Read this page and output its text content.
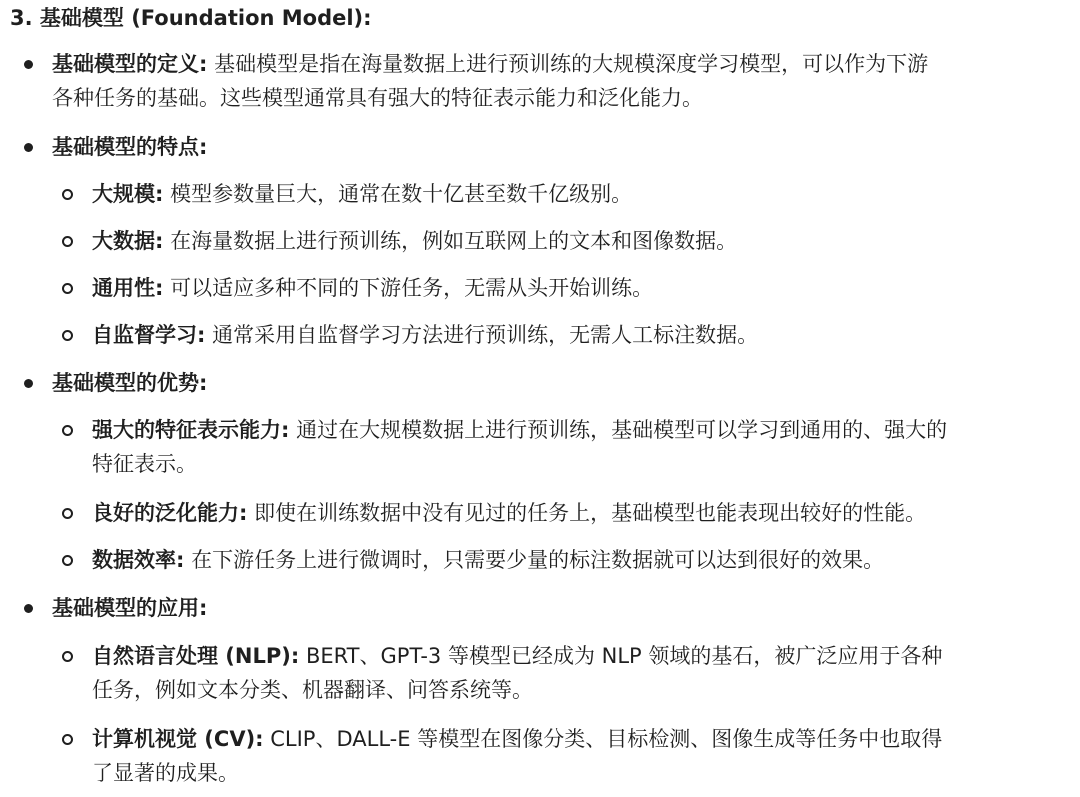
3. 基础模型 (Foundation Model):
基础模型的定义: 基础模型是指在海量数据上进行预训练的大规模深度学习模型，可以作为下游
各种任务的基础。这些模型通常具有强大的特征表示能力和泛化能力。
基础模型的特点:
大规模: 模型参数量巨大，通常在数十亿甚至数千亿级别。
大数据: 在海量数据上进行预训练，例如互联网上的文本和图像数据。
通用性: 可以适应多种不同的下游任务，无需从头开始训练。
自监督学习: 通常采用自监督学习方法进行预训练，无需人工标注数据。
基础模型的优势:
强大的特征表示能力: 通过在大规模数据上进行预训练，基础模型可以学习到通用的、强大的
特征表示。
良好的泛化能力: 即使在训练数据中没有见过的任务上，基础模型也能表现出较好的性能。
数据效率: 在下游任务上进行微调时，只需要少量的标注数据就可以达到很好的效果。
基础模型的应用:
自然语言处理 (NLP): BERT、GPT-3 等模型已经成为 NLP 领域的基石，被广泛应用于各种
任务，例如文本分类、机器翻译、问答系统等。
计算机视觉 (CV): CLIP、DALL-E 等模型在图像分类、目标检测、图像生成等任务中也取得
了显著的成果。
